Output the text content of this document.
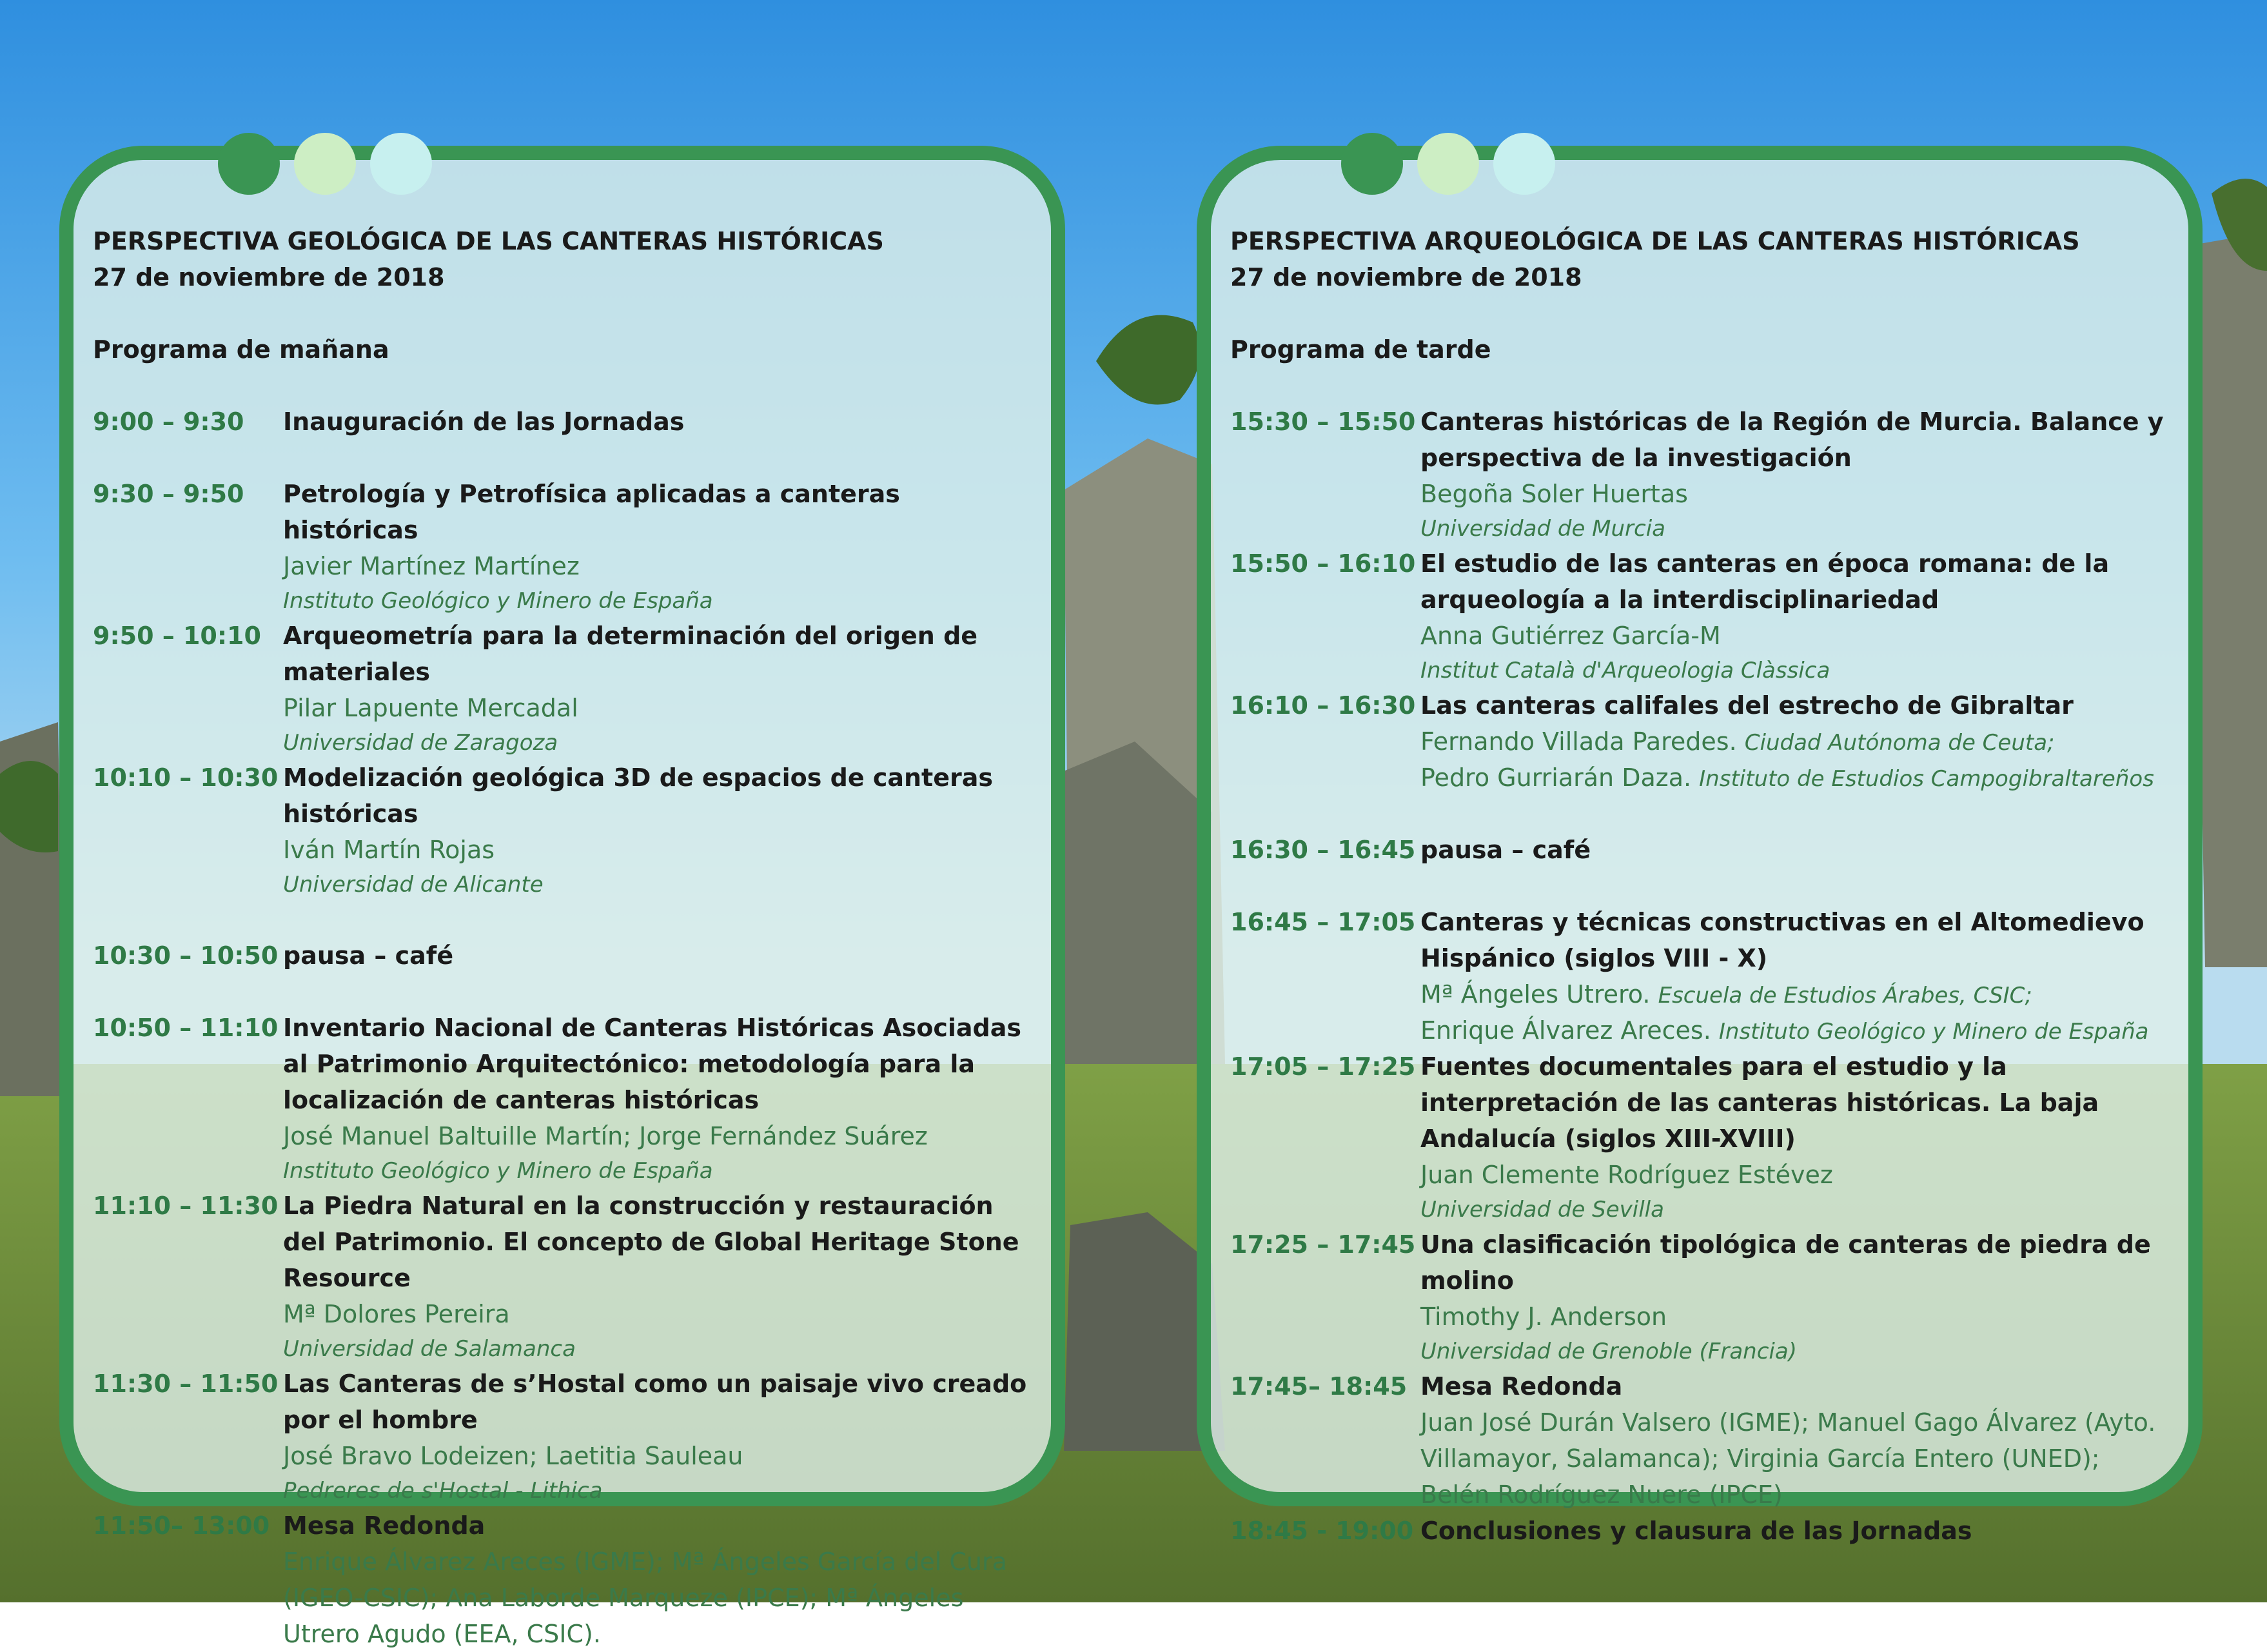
PERSPECTIVA GEOLÓGICA DE LAS CANTERAS HISTÓRICAS
27 de noviembre de 2018
Programa de mañana
9:00 – 9:30	Inauguración de las Jornadas
9:30 – 9:50	Petrología y Petrofísica aplicadas a canteras históricas
Javier Martínez Martínez
Instituto Geológico y Minero de España
9:50 – 10:10 Arqueometría para la determinación del origen de materiales
Pilar Lapuente Mercadal
Universidad de Zaragoza
10:10 – 10:30 Modelización geológica 3D de espacios de canteras históricas
Iván Martín Rojas
Universidad de Alicante
10:30 – 10:50 pausa – café
10:50 – 11:10 Inventario Nacional de Canteras Históricas Asociadas al Patrimonio Arquitectónico: metodología para la localización de canteras históricas
José Manuel Baltuille Martín; Jorge Fernández Suárez
Instituto Geológico y Minero de España
11:10 – 11:30 La Piedra Natural en la construcción y restauración del Patrimonio. El concepto de Global Heritage Stone Resource
Mª Dolores Pereira
Universidad de Salamanca
11:30 – 11:50 Las Canteras de s’Hostal como un paisaje vivo creado por el hombre
José Bravo Lodeizen; Laetitia Sauleau
Pedreres de s'Hostal - Lithica
11:50– 13:00 Mesa Redonda
Enrique Álvarez Areces (IGME); Mª Ángeles García del Cura (IGEO-CSIC); Ana Laborde Marqueze (IPCE); Mª Ángeles Utrero Agudo (EEA, CSIC).
PERSPECTIVA ARQUEOLÓGICA DE LAS CANTERAS HISTÓRICAS
27 de noviembre de 2018
Programa de tarde
15:30 – 15:50 Canteras históricas de la Región de Murcia. Balance y perspectiva de la investigación
Begoña Soler Huertas
Universidad de Murcia
15:50 – 16:10 El estudio de las canteras en época romana: de la arqueología a la interdisciplinariedad
Anna Gutiérrez García-M
Institut Català d'Arqueologia Clàssica
16:10 – 16:30 Las canteras califales del estrecho de Gibraltar
Fernando Villada Paredes. Ciudad Autónoma de Ceuta;
Pedro Gurriarán Daza. Instituto de Estudios Campogibraltareños
16:30 – 16:45 pausa – café
16:45 – 17:05 Canteras y técnicas constructivas en el Altomedievo Hispánico (siglos VIII - X)
Mª Ángeles Utrero. Escuela de Estudios Árabes, CSIC;
Enrique Álvarez Areces. Instituto Geológico y Minero de España
17:05 – 17:25 Fuentes documentales para el estudio y la interpretación de las canteras históricas. La baja Andalucía (siglos XIII-XVIII)
Juan Clemente Rodríguez Estévez
Universidad de Sevilla
17:25 – 17:45 Una clasificación tipológica de canteras de piedra de molino
Timothy J. Anderson
Universidad de Grenoble (Francia)
17:45– 18:45 Mesa Redonda
Juan José Durán Valsero (IGME); Manuel Gago Álvarez (Ayto. Villamayor, Salamanca); Virginia García Entero (UNED); Belén Rodríguez Nuere (IPCE)
18:45 - 19:00 Conclusiones y clausura de las Jornadas
